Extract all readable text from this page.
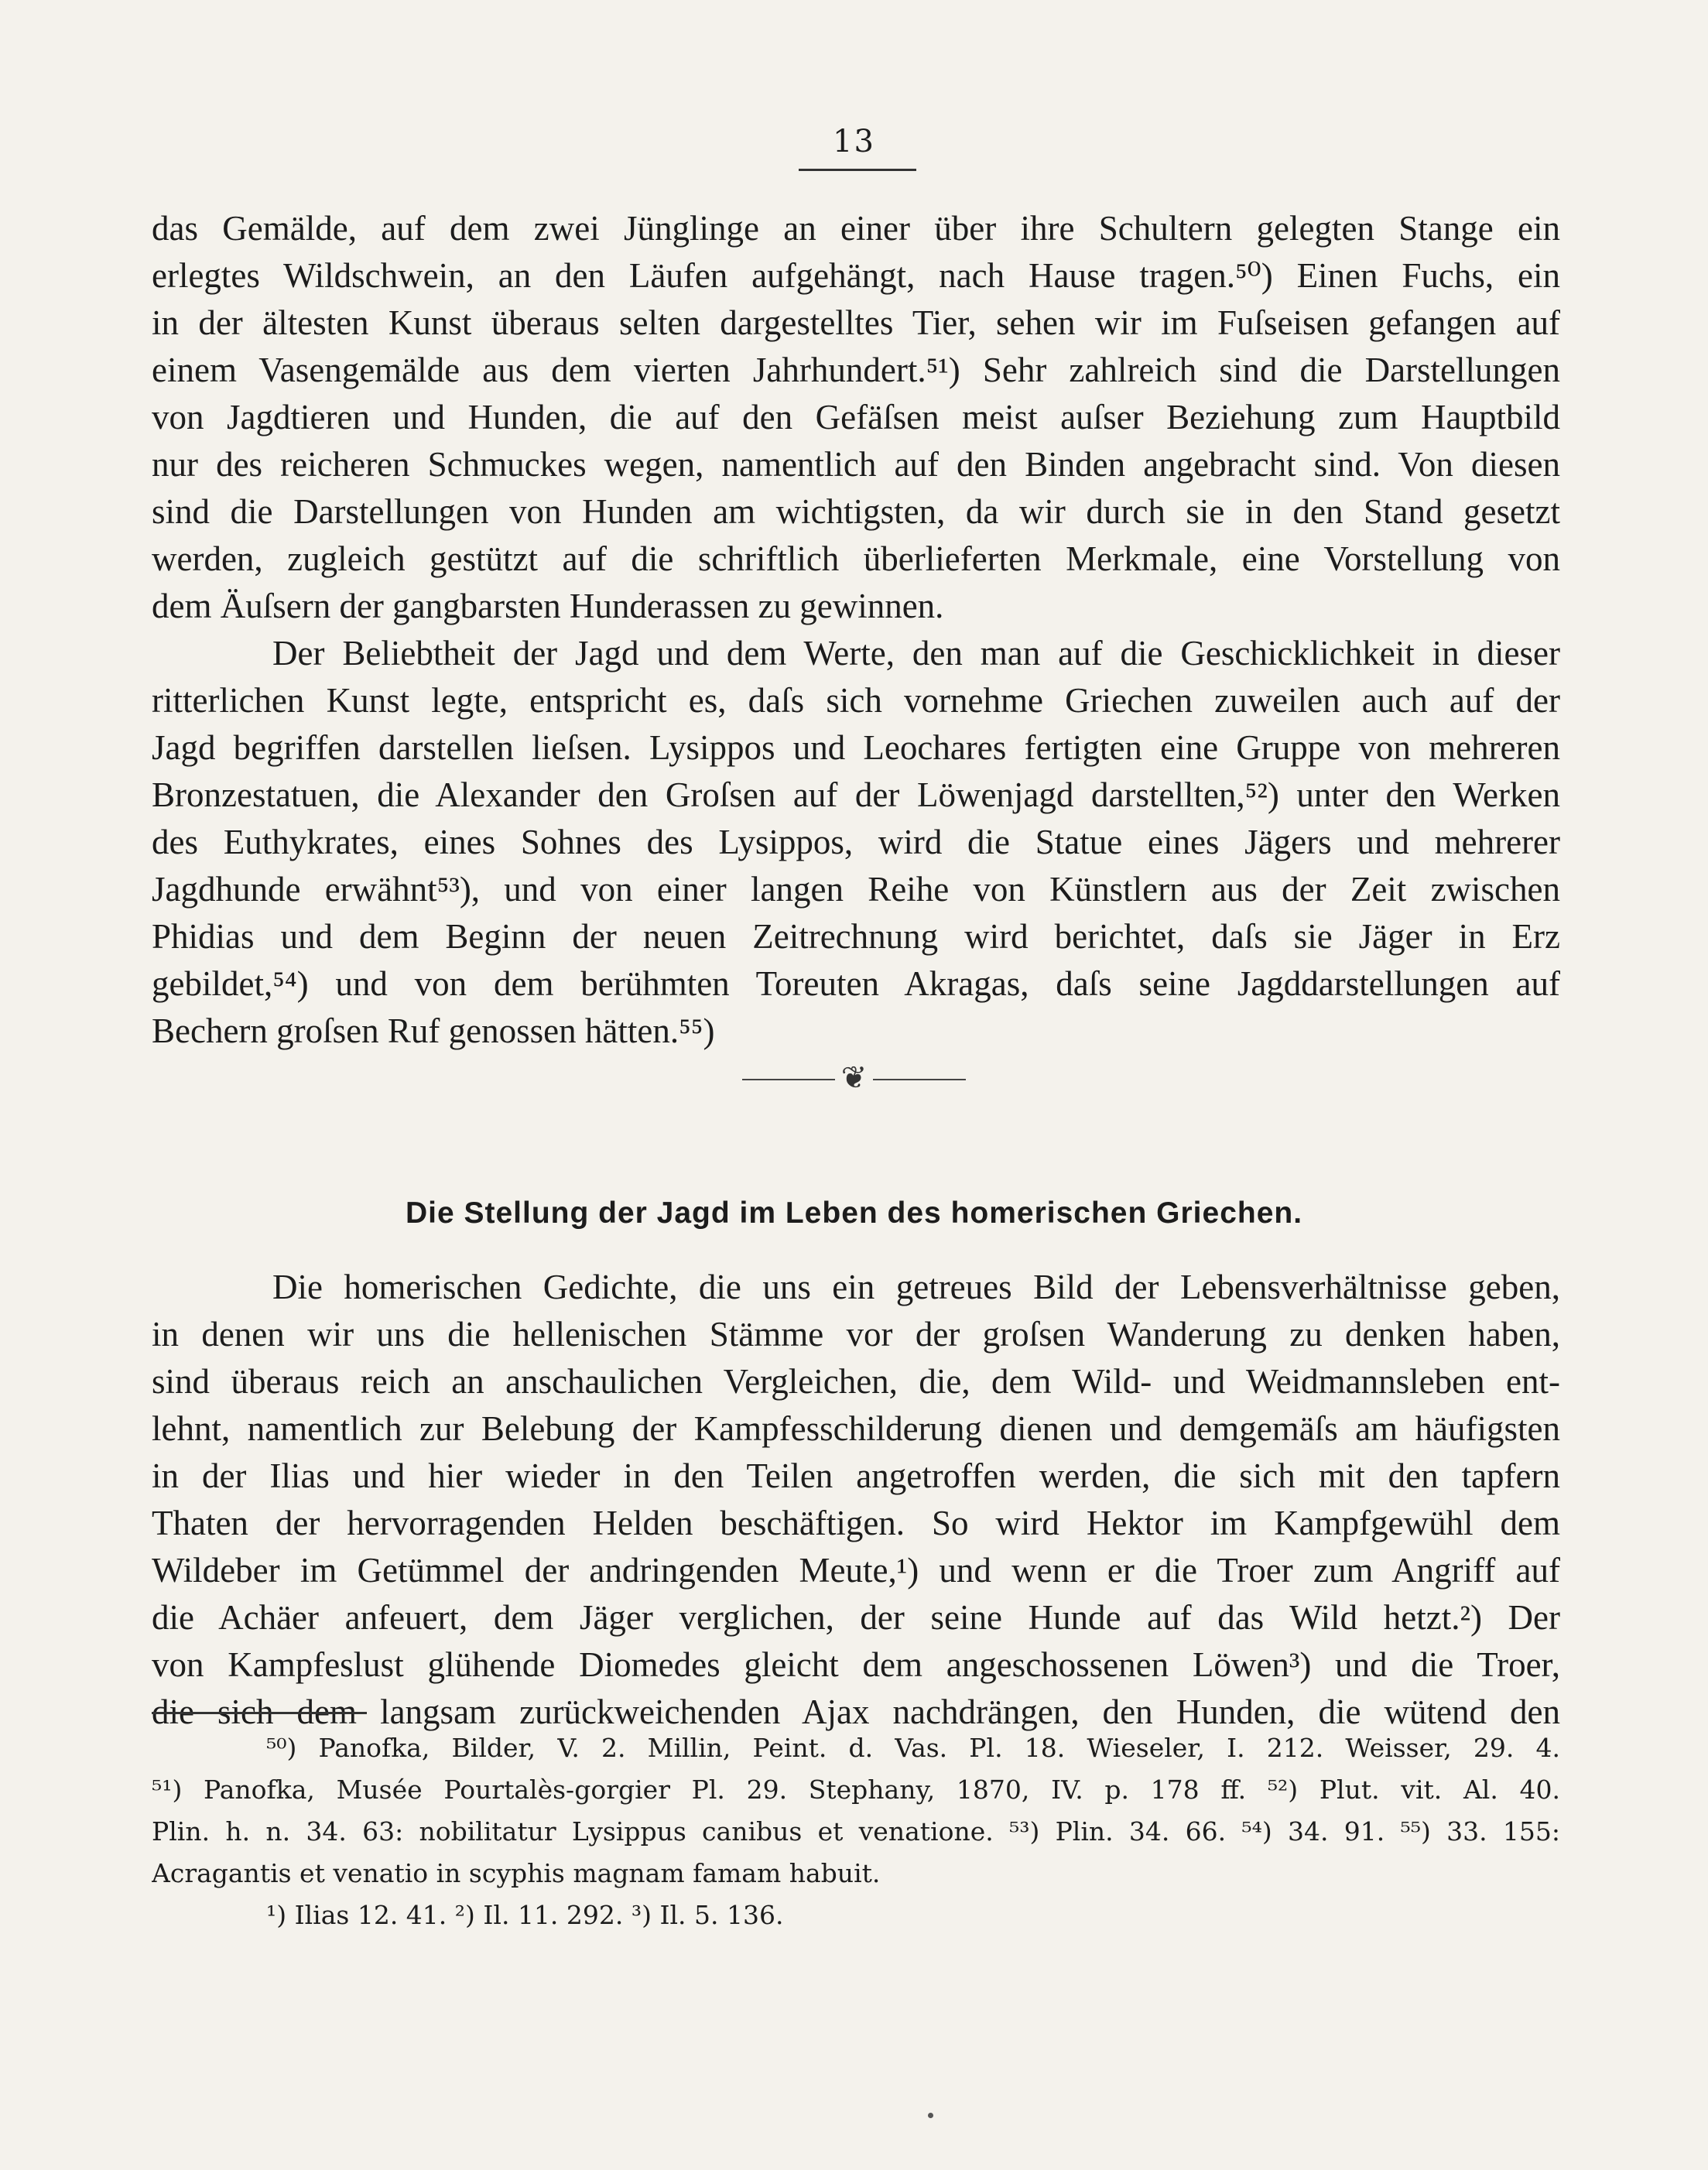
13
das Gemälde, auf dem zwei Jünglinge an einer über ihre Schultern gelegten Stange ein
erlegtes Wildschwein, an den Läufen aufgehängt, nach Hause tragen.⁵⁰) Einen Fuchs, ein
in der ältesten Kunst überaus selten dargestelltes Tier, sehen wir im Fuſseisen gefangen auf
einem Vasengemälde aus dem vierten Jahrhundert.⁵¹) Sehr zahlreich sind die Darstellungen
von Jagdtieren und Hunden, die auf den Gefäſsen meist auſser Beziehung zum Hauptbild
nur des reicheren Schmuckes wegen, namentlich auf den Binden angebracht sind. Von diesen
sind die Darstellungen von Hunden am wichtigsten, da wir durch sie in den Stand gesetzt
werden, zugleich gestützt auf die schriftlich überlieferten Merkmale, eine Vorstellung von
dem Äuſsern der gangbarsten Hunderassen zu gewinnen.
Der Beliebtheit der Jagd und dem Werte, den man auf die Geschicklichkeit in dieser
ritterlichen Kunst legte, entspricht es, daſs sich vornehme Griechen zuweilen auch auf der
Jagd begriffen darstellen lieſsen. Lysippos und Leochares fertigten eine Gruppe von mehreren
Bronzestatuen, die Alexander den Groſsen auf der Löwenjagd darstellten,⁵²) unter den Werken
des Euthykrates, eines Sohnes des Lysippos, wird die Statue eines Jägers und mehrerer
Jagdhunde erwähnt⁵³), und von einer langen Reihe von Künstlern aus der Zeit zwischen
Phidias und dem Beginn der neuen Zeitrechnung wird berichtet, daſs sie Jäger in Erz
gebildet,⁵⁴) und von dem berühmten Toreuten Akragas, daſs seine Jagddarstellungen auf
Bechern groſsen Ruf genossen hätten.⁵⁵)
❦
Die Stellung der Jagd im Leben des homerischen Griechen.
Die homerischen Gedichte, die uns ein getreues Bild der Lebensverhältnisse geben,
in denen wir uns die hellenischen Stämme vor der groſsen Wanderung zu denken haben,
sind überaus reich an anschaulichen Vergleichen, die, dem Wild- und Weidmannsleben ent-
lehnt, namentlich zur Belebung der Kampfesschilderung dienen und demgemäſs am häufigsten
in der Ilias und hier wieder in den Teilen angetroffen werden, die sich mit den tapfern
Thaten der hervorragenden Helden beschäftigen. So wird Hektor im Kampfgewühl dem
Wildeber im Getümmel der andringenden Meute,¹) und wenn er die Troer zum Angriff auf
die Achäer anfeuert, dem Jäger verglichen, der seine Hunde auf das Wild hetzt.²) Der
von Kampfeslust glühende Diomedes gleicht dem angeschossenen Löwen³) und die Troer,
die sich dem langsam zurückweichenden Ajax nachdrängen, den Hunden, die wütend den
⁵⁰) Panofka, Bilder, V. 2. Millin, Peint. d. Vas. Pl. 18. Wieseler, I. 212. Weisser, 29. 4.
⁵¹) Panofka, Musée Pourtalès-gorgier Pl. 29. Stephany, 1870, IV. p. 178 ff. ⁵²) Plut. vit. Al. 40.
Plin. h. n. 34. 63: nobilitatur Lysippus canibus et venatione. ⁵³) Plin. 34. 66. ⁵⁴) 34. 91. ⁵⁵) 33. 155:
Acragantis et venatio in scyphis magnam famam habuit.
¹) Ilias 12. 41. ²) Il. 11. 292. ³) Il. 5. 136.
